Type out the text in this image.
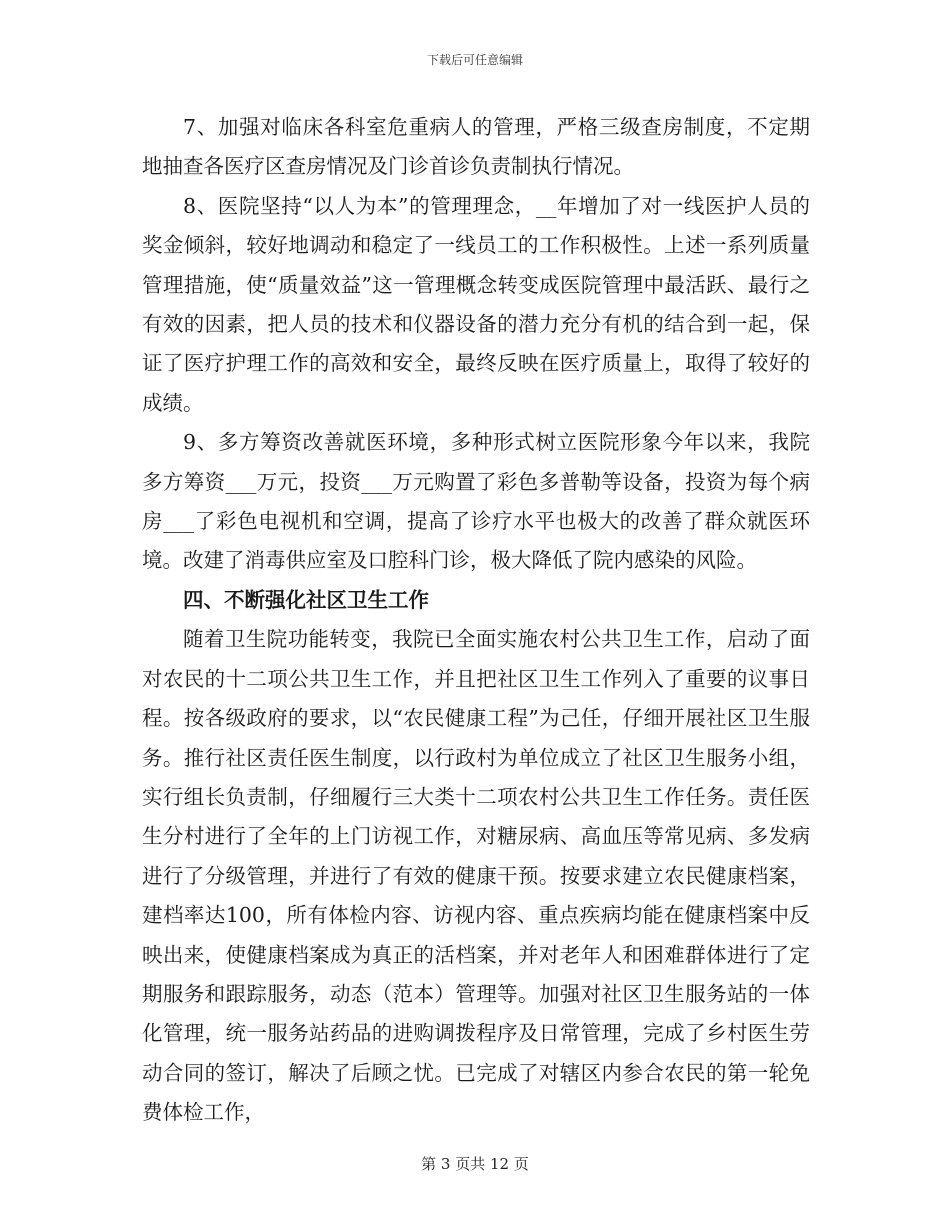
下载后可任意编辑

7、加强对临床各科室危重病人的管理，严格三级查房制度，不定期地抽查各医疗区查房情况及门诊首诊负责制执行情况。

8、医院坚持“以人为本”的管理理念，__年增加了对一线医护人员的奖金倾斜，较好地调动和稳定了一线员工的工作积极性。上述一系列质量管理措施，使“质量效益”这一管理概念转变成医院管理中最活跃、最行之有效的因素，把人员的技术和仪器设备的潜力充分有机的结合到一起，保证了医疗护理工作的高效和安全，最终反映在医疗质量上，取得了较好的成绩。

9、多方筹资改善就医环境，多种形式树立医院形象今年以来，我院多方筹资___万元，投资___万元购置了彩色多普勒等设备，投资为每个病房___了彩色电视机和空调，提高了诊疗水平也极大的改善了群众就医环境。改建了消毒供应室及口腔科门诊，极大降低了院内感染的风险。

四、不断强化社区卫生工作

随着卫生院功能转变，我院已全面实施农村公共卫生工作，启动了面对农民的十二项公共卫生工作，并且把社区卫生工作列入了重要的议事日程。按各级政府的要求，以“农民健康工程”为己任，仔细开展社区卫生服务。推行社区责任医生制度，以行政村为单位成立了社区卫生服务小组，实行组长负责制，仔细履行三大类十二项农村公共卫生工作任务。责任医生分村进行了全年的上门访视工作，对糖尿病、高血压等常见病、多发病进行了分级管理，并进行了有效的健康干预。按要求建立农民健康档案，建档率达100，所有体检内容、访视内容、重点疾病均能在健康档案中反映出来，使健康档案成为真正的活档案，并对老年人和困难群体进行了定期服务和跟踪服务，动态（范本）管理等。加强对社区卫生服务站的一体化管理，统一服务站药品的进购调拨程序及日常管理，完成了乡村医生劳动合同的签订，解决了后顾之忧。已完成了对辖区内参合农民的第一轮免费体检工作，

第 3 页共 12 页
